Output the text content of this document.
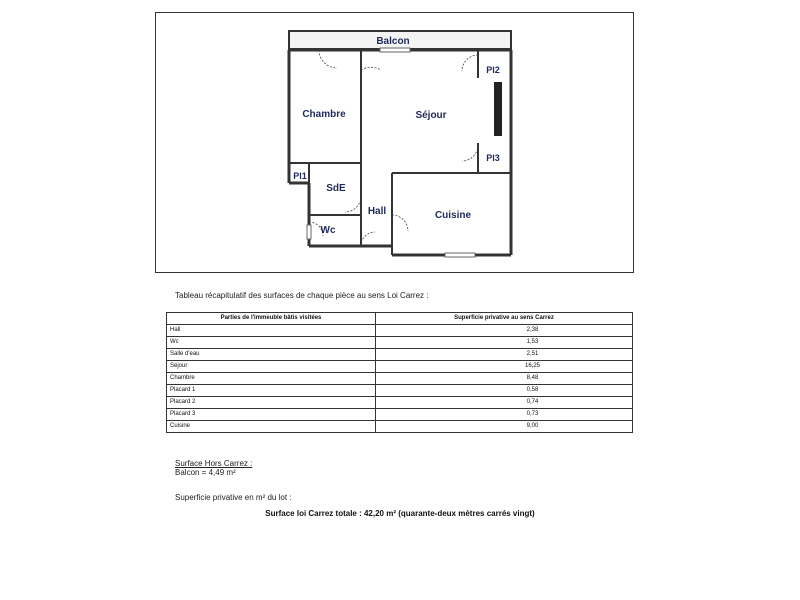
Balcon
Chambre	Séjour
Pl2
Pl3
Pl1
SdE
Hall
Wc
Cuisine
Tableau récapitulatif des surfaces de chaque pièce au sens Loi Carrez :
Parties de l'immeuble bâtis visitées	Superficie privative au sens Carrez
Hall	2,38
Wc	1,53
Salle d'eau	2,51
Séjour	16,25
Chambre	8,48
Placard 1	0,58
Placard 2	0,74
Placard 3	0,73
Cuisine	9,00
Surface Hors Carrez :
Balcon = 4,49 m²
Superficie privative en m² du lot :
Surface loi Carrez totale : 42,20 m² (quarante-deux mètres carrés vingt)
